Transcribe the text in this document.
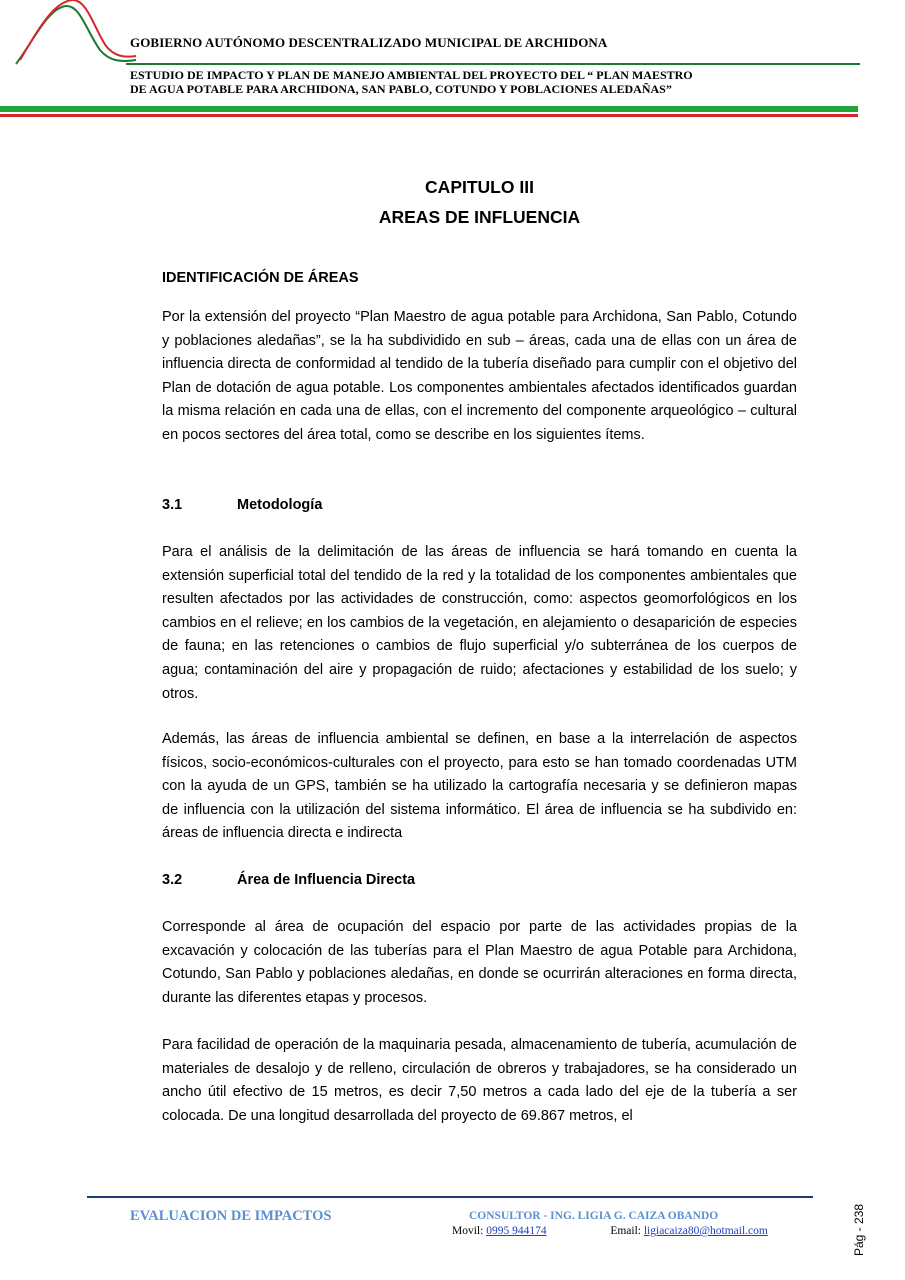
GOBIERNO AUTÓNOMO DESCENTRALIZADO MUNICIPAL DE ARCHIDONA
ESTUDIO DE IMPACTO Y PLAN DE MANEJO AMBIENTAL DEL PROYECTO DEL “ PLAN MAESTRO
DE AGUA POTABLE PARA ARCHIDONA, SAN PABLO, COTUNDO Y POBLACIONES ALEDAÑAS”
CAPITULO III
AREAS DE INFLUENCIA
IDENTIFICACIÓN DE ÁREAS
Por la extensión del proyecto “Plan Maestro de agua potable para Archidona, San Pablo, Cotundo y poblaciones aledañas”, se la ha subdividido en sub – áreas, cada una de ellas con un área de influencia directa de conformidad al tendido de la tubería diseñado para cumplir con el objetivo del Plan de dotación de agua potable. Los componentes ambientales afectados identificados guardan la misma relación en cada una de ellas, con el incremento del componente arqueológico – cultural en pocos sectores del área total, como se describe en los siguientes ítems.
3.1	Metodología
Para el análisis de la delimitación de las áreas de influencia se hará tomando en cuenta la extensión superficial total del tendido de la red y la totalidad de los componentes ambientales que resulten afectados por las actividades de construcción, como: aspectos geomorfológicos en los cambios en el relieve; en los cambios de la vegetación, en alejamiento o desaparición de especies de fauna; en las retenciones o cambios de flujo superficial y/o subterránea de los cuerpos de agua; contaminación del aire y propagación de ruido; afectaciones y estabilidad de los suelo; y otros.
Además, las áreas de influencia ambiental se definen, en base a la interrelación de aspectos físicos, socio-económicos-culturales con el proyecto, para esto se han tomado coordenadas UTM con la ayuda de un GPS, también se ha utilizado la cartografía necesaria y se definieron mapas de influencia con la utilización del sistema informático. El área de influencia se ha subdivido en: áreas de influencia directa e indirecta
3.2	Área de Influencia Directa
Corresponde al área de ocupación del espacio por parte de las actividades propias de la excavación y colocación de las tuberías para el Plan Maestro de agua Potable para Archidona, Cotundo, San Pablo y poblaciones aledañas, en donde se ocurrirán alteraciones en forma directa, durante las diferentes etapas y procesos.
Para facilidad de operación de la maquinaria pesada, almacenamiento de tubería, acumulación de materiales de desalojo y de relleno, circulación de obreros y trabajadores, se ha considerado un ancho útil efectivo de 15 metros, es decir 7,50 metros a cada lado del eje de la tubería a ser colocada. De una longitud desarrollada del proyecto de 69.867 metros, el
EVALUACION DE IMPACTOS	CONSULTOR - ING. LIGIA G. CAIZA OBANDO
Movil: 0995 944174	Email: ligiacaiza80@hotmail.com	Pág - 238
